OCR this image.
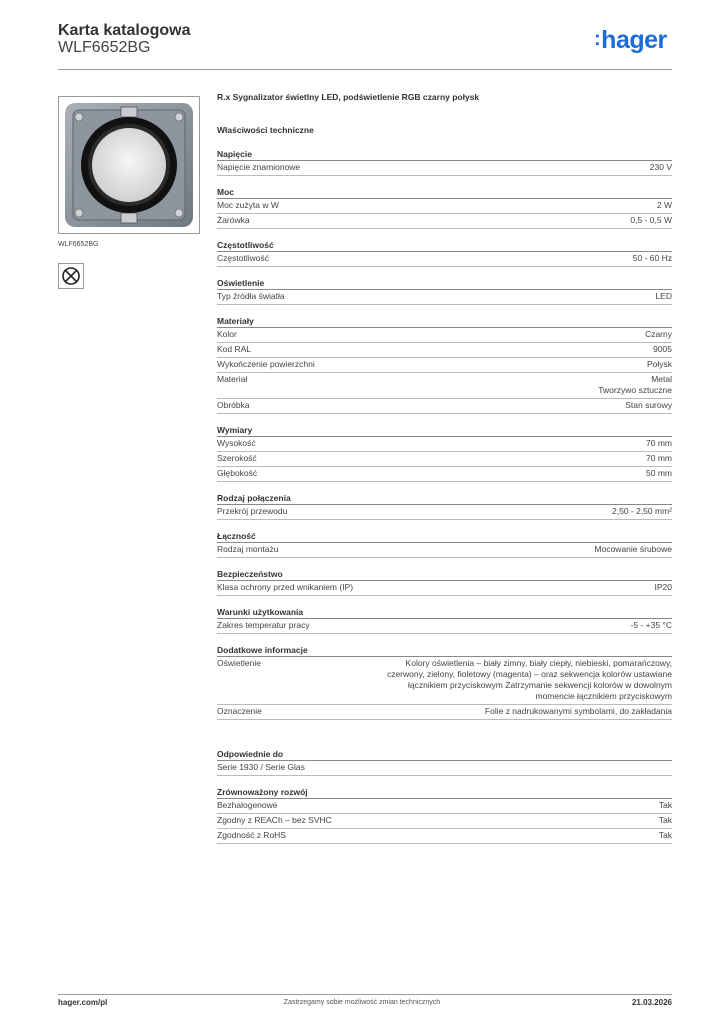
Karta katalogowa
WLF6652BG	:hager
WLF6652BG
R.x Sygnalizator świetlny LED, podświetlenie RGB czarny połysk
Właściwości techniczne
Napięcie
Napięcie znamionowe	230 V
Moc
Moc zużyta w W	2 W
Żarówka	0,5 - 0,5 W
Częstotliwość
Częstotliwość	50 - 60 Hz
Oświetlenie
Typ źródła światła	LED
Materiały
Kolor	Czarny
Kod RAL	9005
Wykończenie powierzchni	Połysk
Materiał	Metal
Tworzywo sztuczne
Obróbka	Stan surowy
Wymiary
Wysokość	70 mm
Szerokość	70 mm
Głębokość	50 mm
Rodzaj połączenia
Przekrój przewodu	2,50 - 2,50 mm²
Łączność
Rodzaj montażu	Mocowanie śrubowe
Bezpieczeństwo
Klasa ochrony przed wnikaniem (IP)	IP20
Warunki użytkowania
Zakres temperatur pracy	-5 - +35 °C
Dodatkowe informacje
Oświetlenie	Kolory oświetlenia – biały zimny, biały ciepły, niebieski, pomarańczowy, czerwony, zielony, fioletowy (magenta) – oraz sekwencja kolorów ustawiane łącznikiem przyciskowym Zatrzymanie sekwencji kolorów w dowolnym momencie łącznikiem przyciskowym
Oznaczenie	Folie z nadrukowanymi symbolami, do zakładania
Odpowiednie do
Serie 1930 / Serie Glas
Zrównoważony rozwój
Bezhalogenowe	Tak
Zgodny z REACh – bez SVHC	Tak
Zgodność z RoHS	Tak
hager.com/pl	Zastrzegamy sobie możliwość zmian technicznych	21.03.2026
